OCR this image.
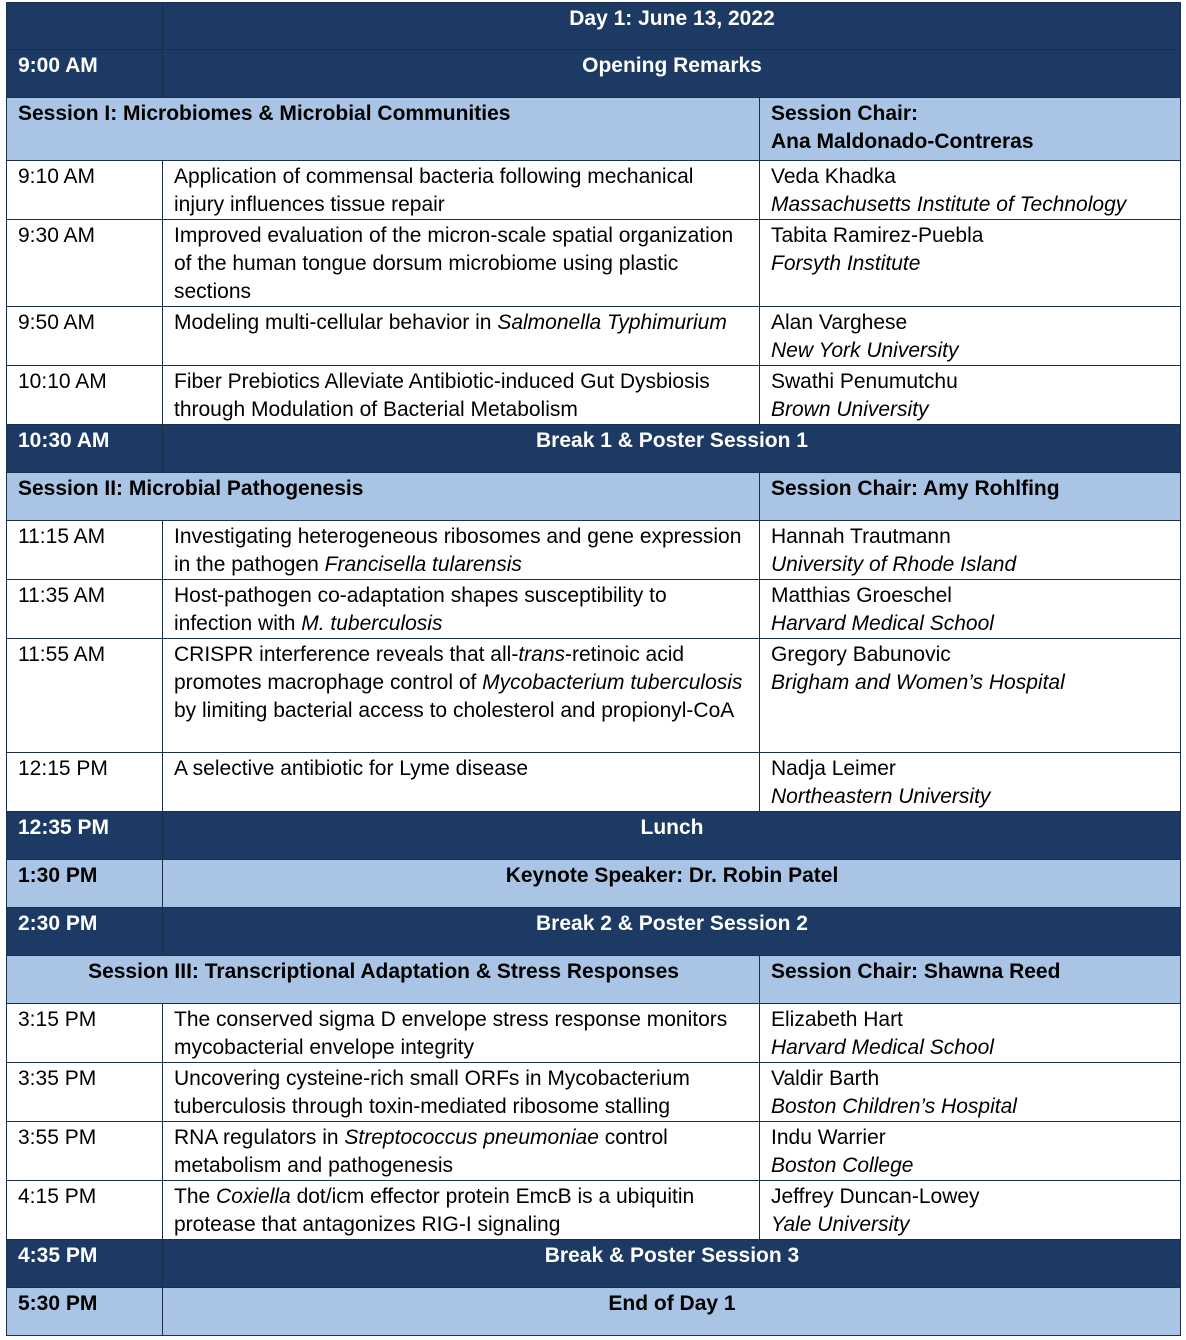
	Day 1: June 13, 2022	
9:00 AM	Opening Remarks	
Session I: Microbiomes & Microbial Communities		Session Chair:
Ana Maldonado-Contreras

9:10 AM	Application of commensal bacteria following mechanical injury influences tissue repair	Veda Khadka
Massachusetts Institute of Technology

9:30 AM	Improved evaluation of the micron-scale spatial organization of the human tongue dorsum microbiome using plastic sections	Tabita Ramirez-Puebla
Forsyth Institute

9:50 AM	Modeling multi-cellular behavior in Salmonella Typhimurium	Alan Varghese
New York University

10:10 AM	Fiber Prebiotics Alleviate Antibiotic-induced Gut Dysbiosis through Modulation of Bacterial Metabolism	Swathi Penumutchu
Brown University

10:30 AM	Break 1 & Poster Session 1	
Session II: Microbial Pathogenesis		Session Chair: Amy Rohlfing

11:15 AM	Investigating heterogeneous ribosomes and gene expression in the pathogen Francisella tularensis	Hannah Trautmann
University of Rhode Island

11:35 AM	Host-pathogen co-adaptation shapes susceptibility to infection with M. tuberculosis	Matthias Groeschel
Harvard Medical School

11:55 AM	CRISPR interference reveals that all-trans-retinoic acid promotes macrophage control of Mycobacterium tuberculosis by limiting bacterial access to cholesterol and propionyl-CoA	Gregory Babunovic
Brigham and Women’s Hospital

12:15 PM	A selective antibiotic for Lyme disease	Nadja Leimer
Northeastern University

12:35 PM	Lunch	
1:30 PM	Keynote Speaker: Dr. Robin Patel	
2:30 PM	Break 2 & Poster Session 2	
Session III: Transcriptional Adaptation & Stress Responses		Session Chair: Shawna Reed

3:15 PM	The conserved sigma D envelope stress response monitors mycobacterial envelope integrity	Elizabeth Hart
Harvard Medical School

3:35 PM	Uncovering cysteine-rich small ORFs in Mycobacterium tuberculosis through toxin-mediated ribosome stalling	Valdir Barth
Boston Children’s Hospital

3:55 PM	RNA regulators in Streptococcus pneumoniae control metabolism and pathogenesis	Indu Warrier
Boston College

4:15 PM	The Coxiella dot/icm effector protein EmcB is a ubiquitin protease that antagonizes RIG-I signaling	Jeffrey Duncan-Lowey
Yale University

4:35 PM	Break & Poster Session 3	
5:30 PM	End of Day 1	
